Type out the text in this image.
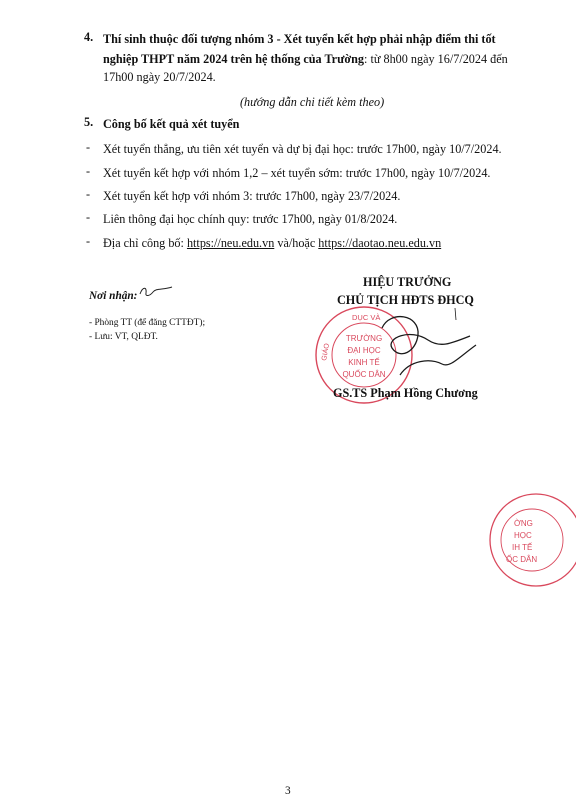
4. Thí sinh thuộc đối tượng nhóm 3 - Xét tuyển kết hợp phải nhập điểm thi tốt
nghiệp THPT năm 2024 trên hệ thống của Trường: từ 8h00 ngày 16/7/2024 đến
17h00 ngày 20/7/2024.
(hướng dẫn chi tiết kèm theo)
5. Công bố kết quả xét tuyển
- Xét tuyển thẳng, ưu tiên xét tuyển và dự bị đại học: trước 17h00, ngày 10/7/2024.
- Xét tuyển kết hợp với nhóm 1,2 – xét tuyển sớm: trước 17h00, ngày 10/7/2024.
- Xét tuyển kết hợp với nhóm 3: trước 17h00, ngày 23/7/2024.
- Liên thông đại học chính quy: trước 17h00, ngày 01/8/2024.
- Địa chỉ công bố: https://neu.edu.vn và/hoặc https://daotao.neu.edu.vn
Nơi nhận:
- Phòng TT (để đăng CTTĐT);
- Lưu: VT, QLĐT.
HIỆU TRƯỞNG
CHỦ TỊCH HĐTS ĐHCQ
DỤC VÀ
GIÁO
TRƯỜNG
ĐẠI HỌC
KINH TẾ
QUỐC DÂN
GS.TS Phạm Hồng Chương
ỜNG
HỌC
IH TẾ
ỐC DÂN
3
